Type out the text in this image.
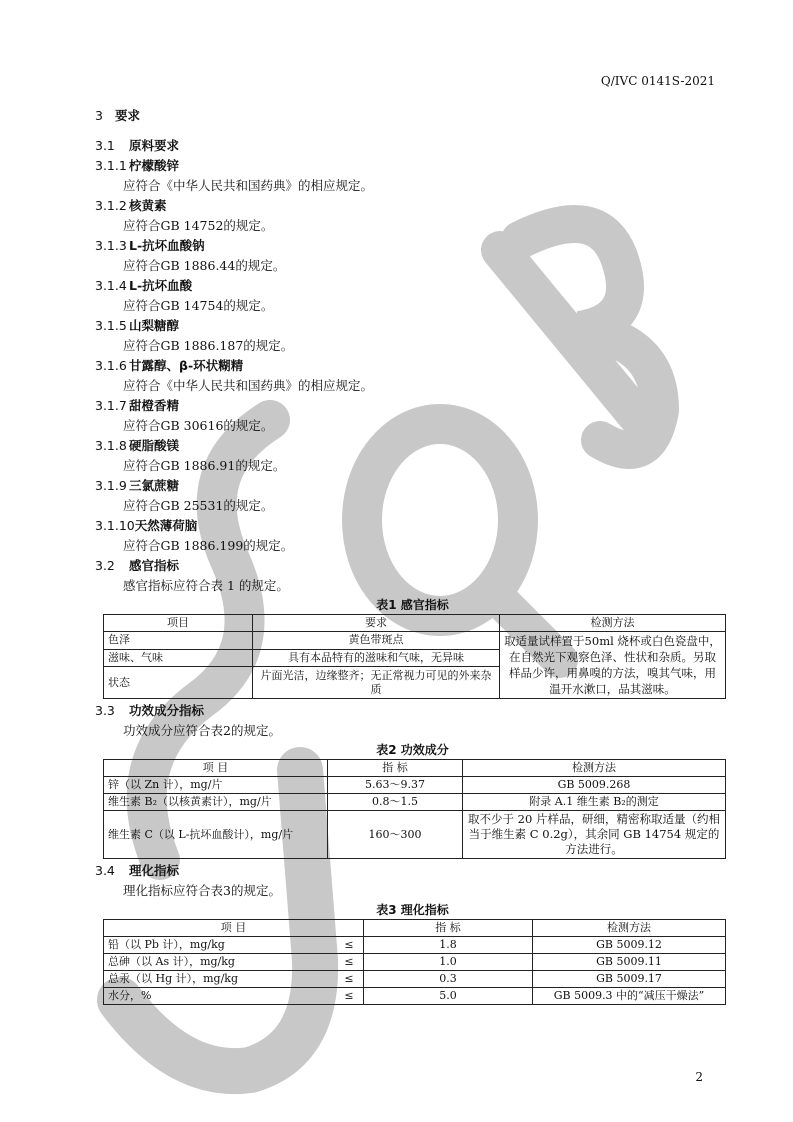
Q/IVC 0141S-2021
3 要求
3.1 原料要求
3.1.1 柠檬酸锌
应符合《中华人民共和国药典》的相应规定。
3.1.2 核黄素
应符合GB 14752的规定。
3.1.3 L-抗坏血酸钠
应符合GB 1886.44的规定。
3.1.4 L-抗坏血酸
应符合GB 14754的规定。
3.1.5 山梨糖醇
应符合GB 1886.187的规定。
3.1.6 甘露醇、β-环状糊精
应符合《中华人民共和国药典》的相应规定。
3.1.7 甜橙香精
应符合GB 30616的规定。
3.1.8 硬脂酸镁
应符合GB 1886.91的规定。
3.1.9 三氯蔗糖
应符合GB 25531的规定。
3.1.10天然薄荷脑
应符合GB 1886.199的规定。
3.2 感官指标
感官指标应符合表 1 的规定。
表1 感官指标
项目	要求	检测方法
色泽	黄色带斑点	取适量试样置于50ml 烧杯或白色瓷盘中，在自然光下观察色泽、性状和杂质。另取样品少许，用鼻嗅的方法，嗅其气味，用温开水漱口，品其滋味。
滋味、气味	具有本品特有的滋味和气味，无异味	
状态	片面光洁，边缘整齐；无正常视力可见的外来杂质	
3.3 功效成分指标
功效成分应符合表2的规定。
表2 功效成分
项 目	指 标	检测方法
锌（以 Zn 计），mg/片	5.63～9.37	GB 5009.268
维生素 B₂（以核黄素计），mg/片	0.8～1.5	附录 A.1 维生素 B₂的测定
维生素 C（以 L-抗坏血酸计），mg/片	160～300	取不少于 20 片样品，研细，精密称取适量（约相当于维生素 C 0.2g），其余同 GB 14754 规定的方法进行。
3.4 理化指标
理化指标应符合表3的规定。
表3 理化指标
项 目		指 标	检测方法
铅（以 Pb 计），mg/kg	≤	1.8	GB 5009.12
总砷（以 As 计），mg/kg	≤	1.0	GB 5009.11
总汞（以 Hg 计），mg/kg	≤	0.3	GB 5009.17
水分，%	≤	5.0	GB 5009.3 中的“减压干燥法”
2
